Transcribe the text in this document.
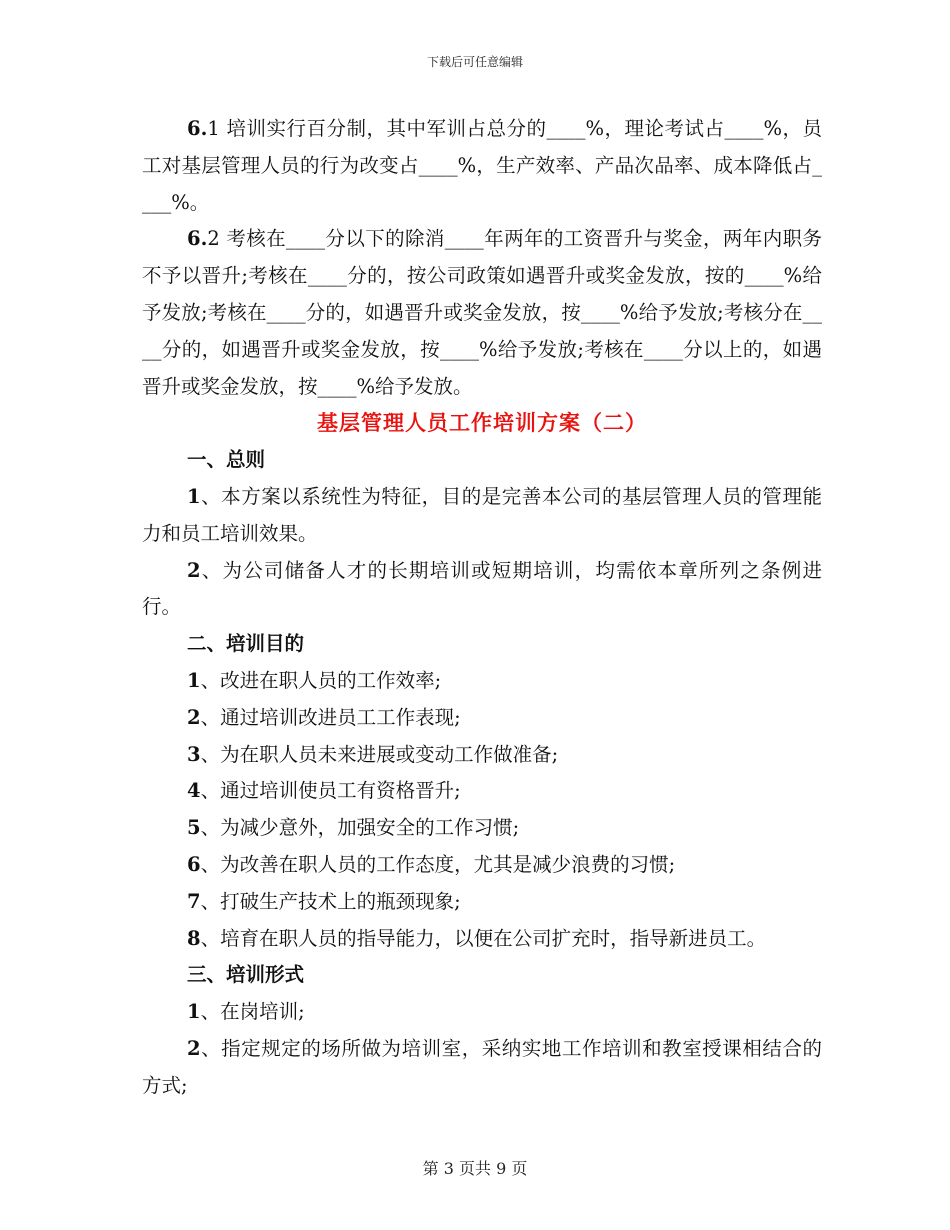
下载后可任意编辑

6.1 培训实行百分制，其中军训占总分的____%，理论考试占____%，员工对基层管理人员的行为改变占____%，生产效率、产品次品率、成本降低占____%。

6.2 考核在____分以下的除消____年两年的工资晋升与奖金，两年内职务不予以晋升;考核在____分的，按公司政策如遇晋升或奖金发放，按的____%给予发放;考核在____分的，如遇晋升或奖金发放，按____%给予发放;考核分在____分的，如遇晋升或奖金发放，按____%给予发放;考核在____分以上的，如遇晋升或奖金发放，按____%给予发放。

基层管理人员工作培训方案（二）

一、总则

1、本方案以系统性为特征，目的是完善本公司的基层管理人员的管理能力和员工培训效果。

2、为公司储备人才的长期培训或短期培训，均需依本章所列之条例进行。

二、培训目的

1、改进在职人员的工作效率;

2、通过培训改进员工工作表现;

3、为在职人员未来进展或变动工作做准备;

4、通过培训使员工有资格晋升;

5、为减少意外，加强安全的工作习惯;

6、为改善在职人员的工作态度，尤其是减少浪费的习惯;

7、打破生产技术上的瓶颈现象;

8、培育在职人员的指导能力，以便在公司扩充时，指导新进员工。

三、培训形式

1、在岗培训;

2、指定规定的场所做为培训室，采纳实地工作培训和教室授课相结合的方式;

第 3 页共 9 页
